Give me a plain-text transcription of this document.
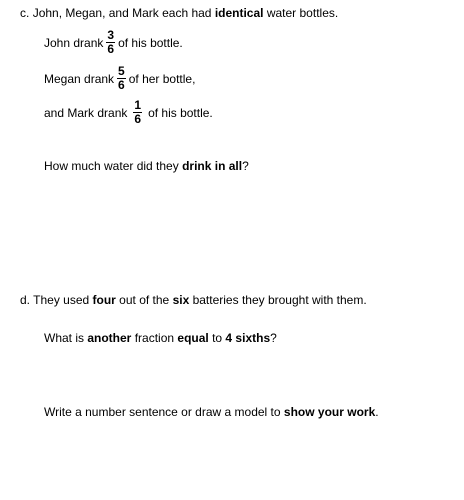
c. John, Megan, and Mark each had identical water bottles.
John drank $\frac{3}{6}$ of his bottle.
Megan drank $\frac{5}{6}$ of her bottle,
and Mark drank $\frac{1}{6}$ of his bottle.
How much water did they drink in all?
d. They used four out of the six batteries they brought with them.
What is another fraction equal to 4 sixths?
Write a number sentence or draw a model to show your work.
